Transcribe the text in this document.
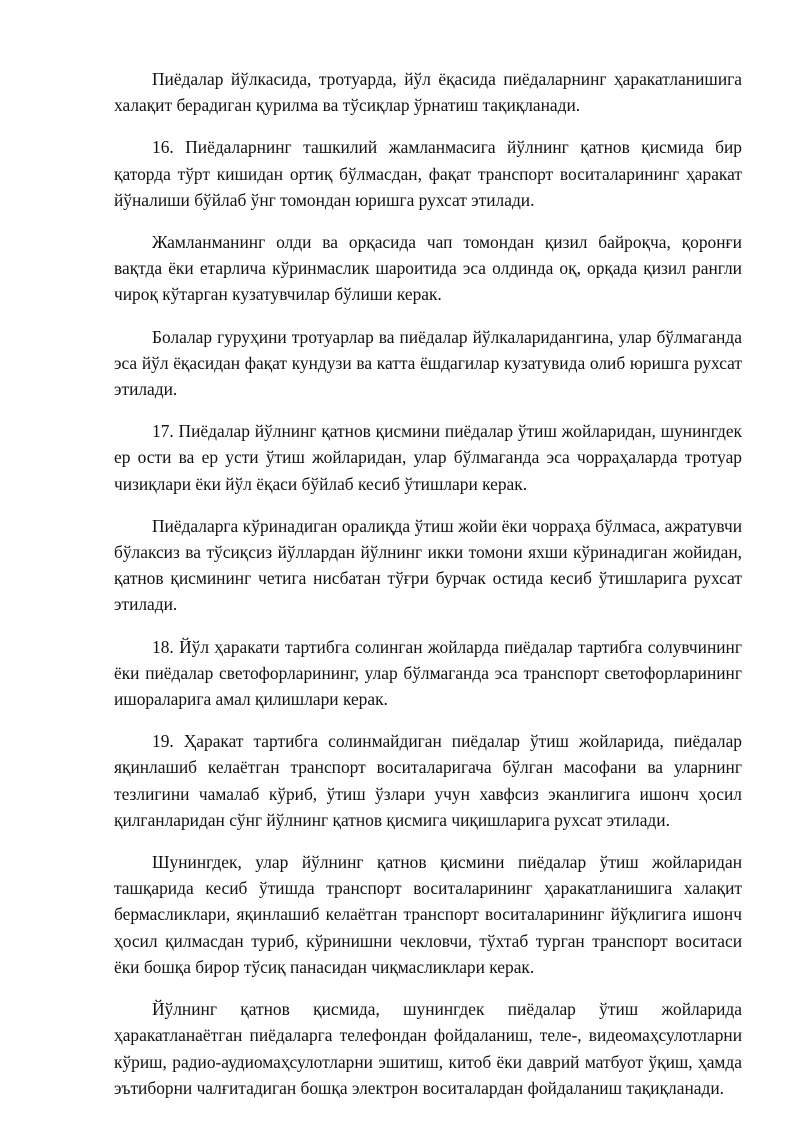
Пиёдалар йўлкасида, тротуарда, йўл ёқасида пиёдаларнинг ҳаракатланишига халақит берадиган қурилма ва тўсиқлар ўрнатиш тақиқланади.

16. Пиёдаларнинг ташкилий жамланмасига йўлнинг қатнов қисмида бир қаторда тўрт кишидан ортиқ бўлмасдан, фақат транспорт воситаларининг ҳаракат йўналиши бўйлаб ўнг томондан юришга рухсат этилади.

Жамланманинг олди ва орқасида чап томондан қизил байроқча, қоронғи вақтда ёки етарлича кўринмаслик шароитида эса олдинда оқ, орқада қизил рангли чироқ кўтарган кузатувчилар бўлиши керак.

Болалар гуруҳини тротуарлар ва пиёдалар йўлкаларидангина, улар бўлмаганда эса йўл ёқасидан фақат кундузи ва катта ёшдагилар кузатувида олиб юришга рухсат этилади.

17. Пиёдалар йўлнинг қатнов қисмини пиёдалар ўтиш жойларидан, шунингдек ер ости ва ер усти ўтиш жойларидан, улар бўлмаганда эса чорраҳаларда тротуар чизиқлари ёки йўл ёқаси бўйлаб кесиб ўтишлари керак.

Пиёдаларга кўринадиган оралиқда ўтиш жойи ёки чорраҳа бўлмаса, ажратувчи бўлаксиз ва тўсиқсиз йўллардан йўлнинг икки томони яхши кўринадиган жойидан, қатнов қисмининг четига нисбатан тўғри бурчак остида кесиб ўтишларига рухсат этилади.

18. Йўл ҳаракати тартибга солинган жойларда пиёдалар тартибга солувчининг ёки пиёдалар светофорларининг, улар бўлмаганда эса транспорт светофорларининг ишораларига амал қилишлари керак.

19. Ҳаракат тартибга солинмайдиган пиёдалар ўтиш жойларида, пиёдалар яқинлашиб келаётган транспорт воситаларигача бўлган масофани ва уларнинг тезлигини чамалаб кўриб, ўтиш ўзлари учун хавфсиз эканлигига ишонч ҳосил қилганларидан сўнг йўлнинг қатнов қисмига чиқишларига рухсат этилади.

Шунингдек, улар йўлнинг қатнов қисмини пиёдалар ўтиш жойларидан ташқарида кесиб ўтишда транспорт воситаларининг ҳаракатланишига халақит бермасликлари, яқинлашиб келаётган транспорт воситаларининг йўқлигига ишонч ҳосил қилмасдан туриб, кўринишни чекловчи, тўхтаб турган транспорт воситаси ёки бошқа бирор тўсиқ панасидан чиқмасликлари керак.

Йўлнинг қатнов қисмида, шунингдек пиёдалар ўтиш жойларида ҳаракатланаётган пиёдаларга телефондан фойдаланиш, теле-, видеомаҳсулотларни кўриш, радио-аудиомаҳсулотларни эшитиш, китоб ёки даврий матбуот ўқиш, ҳамда эътиборни чалғитадиган бошқа электрон воситалардан фойдаланиш тақиқланади.
